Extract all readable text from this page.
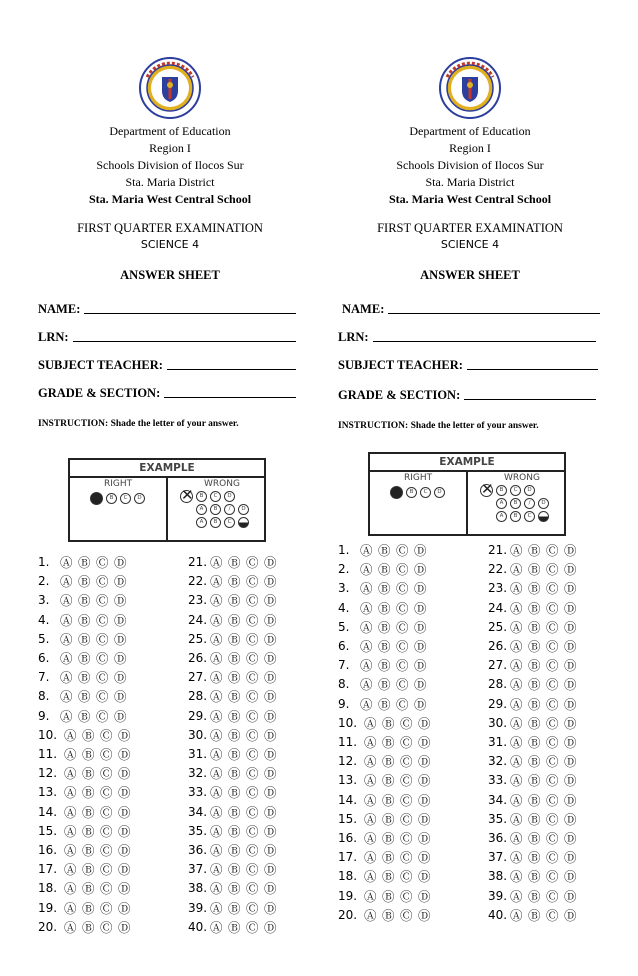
Department of Education
Region I
Schools Division of Ilocos Sur
Sta. Maria District
Sta. Maria West Central School
FIRST QUARTER EXAMINATION
SCIENCE 4
ANSWER SHEET
NAME:
LRN:
SUBJECT TEACHER:
GRADE & SECTION:
INSTRUCTION: Shade the letter of your answer.
EXAMPLE
RIGHT	WRONG
B	C	D	✕	B	C	D
A	B	/	D
A	B	C
1. Ⓐ Ⓑ Ⓒ Ⓓ
2. Ⓐ Ⓑ Ⓒ Ⓓ
3. Ⓐ Ⓑ Ⓒ Ⓓ
4. Ⓐ Ⓑ Ⓒ Ⓓ
5. Ⓐ Ⓑ Ⓒ Ⓓ
6. Ⓐ Ⓑ Ⓒ Ⓓ
7. Ⓐ Ⓑ Ⓒ Ⓓ
8. Ⓐ Ⓑ Ⓒ Ⓓ
9. Ⓐ Ⓑ Ⓒ Ⓓ
10. Ⓐ Ⓑ Ⓒ Ⓓ
11. Ⓐ Ⓑ Ⓒ Ⓓ
12. Ⓐ Ⓑ Ⓒ Ⓓ
13. Ⓐ Ⓑ Ⓒ Ⓓ
14. Ⓐ Ⓑ Ⓒ Ⓓ
15. Ⓐ Ⓑ Ⓒ Ⓓ
16. Ⓐ Ⓑ Ⓒ Ⓓ
17. Ⓐ Ⓑ Ⓒ Ⓓ
18. Ⓐ Ⓑ Ⓒ Ⓓ
19. Ⓐ Ⓑ Ⓒ Ⓓ
20. Ⓐ Ⓑ Ⓒ Ⓓ
21. Ⓐ Ⓑ Ⓒ Ⓓ
22. Ⓐ Ⓑ Ⓒ Ⓓ
23. Ⓐ Ⓑ Ⓒ Ⓓ
24. Ⓐ Ⓑ Ⓒ Ⓓ
25. Ⓐ Ⓑ Ⓒ Ⓓ
26. Ⓐ Ⓑ Ⓒ Ⓓ
27. Ⓐ Ⓑ Ⓒ Ⓓ
28. Ⓐ Ⓑ Ⓒ Ⓓ
29. Ⓐ Ⓑ Ⓒ Ⓓ
30. Ⓐ Ⓑ Ⓒ Ⓓ
31. Ⓐ Ⓑ Ⓒ Ⓓ
32. Ⓐ Ⓑ Ⓒ Ⓓ
33. Ⓐ Ⓑ Ⓒ Ⓓ
34. Ⓐ Ⓑ Ⓒ Ⓓ
35. Ⓐ Ⓑ Ⓒ Ⓓ
36. Ⓐ Ⓑ Ⓒ Ⓓ
37. Ⓐ Ⓑ Ⓒ Ⓓ
38. Ⓐ Ⓑ Ⓒ Ⓓ
39. Ⓐ Ⓑ Ⓒ Ⓓ
40. Ⓐ Ⓑ Ⓒ Ⓓ
Department of Education
Region I
Schools Division of Ilocos Sur
Sta. Maria District
Sta. Maria West Central School
FIRST QUARTER EXAMINATION
SCIENCE 4
ANSWER SHEET
NAME:
LRN:
SUBJECT TEACHER:
GRADE & SECTION:
INSTRUCTION: Shade the letter of your answer.
EXAMPLE
RIGHT	WRONG
B	C	D	✕	B	C	D
A	B	/	D
A	B	C
1. Ⓐ Ⓑ Ⓒ Ⓓ
2. Ⓐ Ⓑ Ⓒ Ⓓ
3. Ⓐ Ⓑ Ⓒ Ⓓ
4. Ⓐ Ⓑ Ⓒ Ⓓ
5. Ⓐ Ⓑ Ⓒ Ⓓ
6. Ⓐ Ⓑ Ⓒ Ⓓ
7. Ⓐ Ⓑ Ⓒ Ⓓ
8. Ⓐ Ⓑ Ⓒ Ⓓ
9. Ⓐ Ⓑ Ⓒ Ⓓ
10. Ⓐ Ⓑ Ⓒ Ⓓ
11. Ⓐ Ⓑ Ⓒ Ⓓ
12. Ⓐ Ⓑ Ⓒ Ⓓ
13. Ⓐ Ⓑ Ⓒ Ⓓ
14. Ⓐ Ⓑ Ⓒ Ⓓ
15. Ⓐ Ⓑ Ⓒ Ⓓ
16. Ⓐ Ⓑ Ⓒ Ⓓ
17. Ⓐ Ⓑ Ⓒ Ⓓ
18. Ⓐ Ⓑ Ⓒ Ⓓ
19. Ⓐ Ⓑ Ⓒ Ⓓ
20. Ⓐ Ⓑ Ⓒ Ⓓ
21. Ⓐ Ⓑ Ⓒ Ⓓ
22. Ⓐ Ⓑ Ⓒ Ⓓ
23. Ⓐ Ⓑ Ⓒ Ⓓ
24. Ⓐ Ⓑ Ⓒ Ⓓ
25. Ⓐ Ⓑ Ⓒ Ⓓ
26. Ⓐ Ⓑ Ⓒ Ⓓ
27. Ⓐ Ⓑ Ⓒ Ⓓ
28. Ⓐ Ⓑ Ⓒ Ⓓ
29. Ⓐ Ⓑ Ⓒ Ⓓ
30. Ⓐ Ⓑ Ⓒ Ⓓ
31. Ⓐ Ⓑ Ⓒ Ⓓ
32. Ⓐ Ⓑ Ⓒ Ⓓ
33. Ⓐ Ⓑ Ⓒ Ⓓ
34. Ⓐ Ⓑ Ⓒ Ⓓ
35. Ⓐ Ⓑ Ⓒ Ⓓ
36. Ⓐ Ⓑ Ⓒ Ⓓ
37. Ⓐ Ⓑ Ⓒ Ⓓ
38. Ⓐ Ⓑ Ⓒ Ⓓ
39. Ⓐ Ⓑ Ⓒ Ⓓ
40. Ⓐ Ⓑ Ⓒ Ⓓ
